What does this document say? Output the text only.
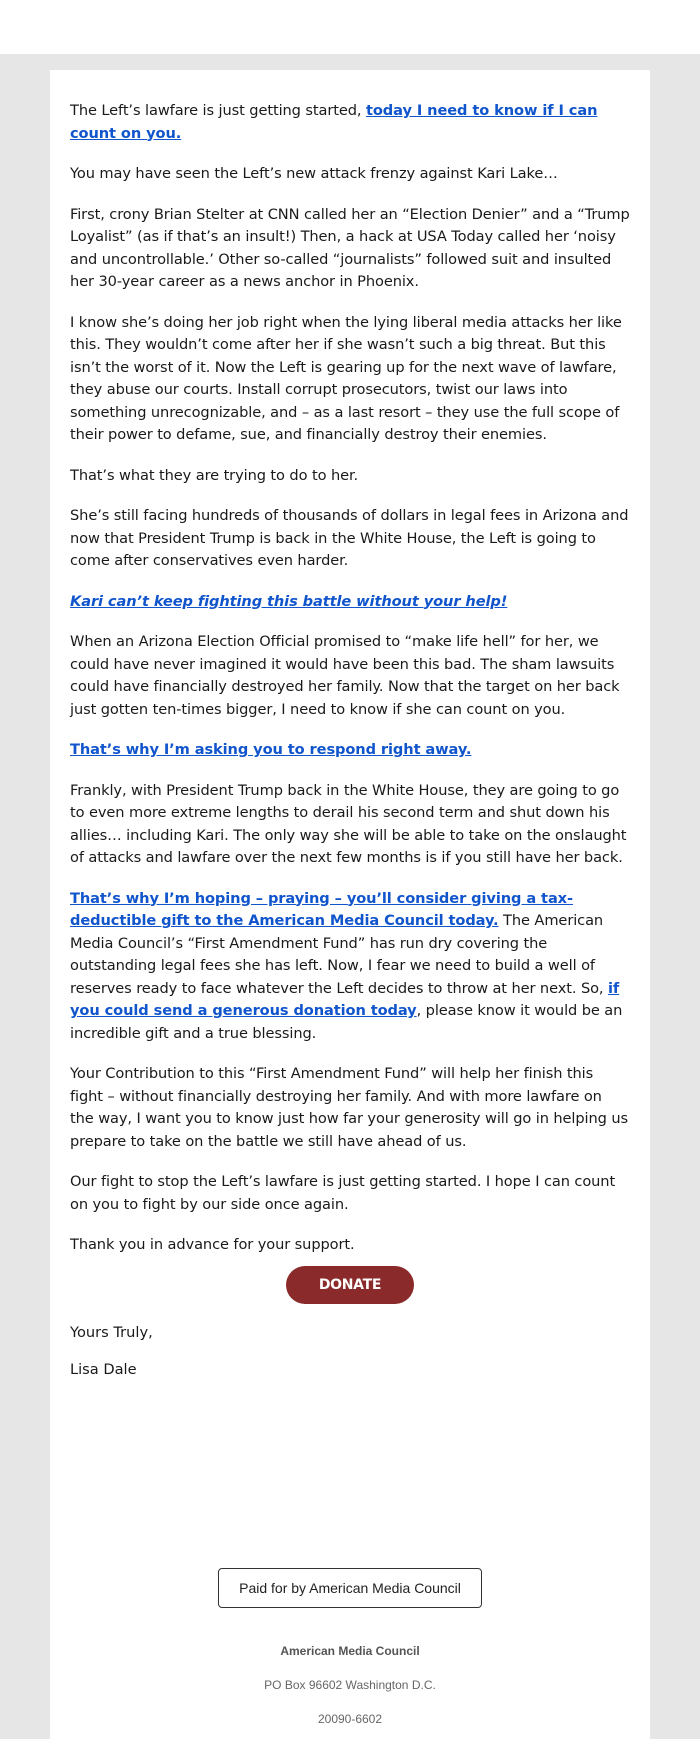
The Left’s lawfare is just getting started, today I need to know if I can count on you.

You may have seen the Left’s new attack frenzy against Kari Lake…

First, crony Brian Stelter at CNN called her an “Election Denier” and a “Trump Loyalist” (as if that’s an insult!) Then, a hack at USA Today called her ‘noisy and uncontrollable.’ Other so-called “journalists” followed suit and insulted her 30-year career as a news anchor in Phoenix.

I know she’s doing her job right when the lying liberal media attacks her like this. They wouldn’t come after her if she wasn’t such a big threat. But this isn’t the worst of it. Now the Left is gearing up for the next wave of lawfare, they abuse our courts. Install corrupt prosecutors, twist our laws into something unrecognizable, and – as a last resort – they use the full scope of their power to defame, sue, and financially destroy their enemies.

That’s what they are trying to do to her.

She’s still facing hundreds of thousands of dollars in legal fees in Arizona and now that President Trump is back in the White House, the Left is going to come after conservatives even harder.

Kari can’t keep fighting this battle without your help!

When an Arizona Election Official promised to “make life hell” for her, we could have never imagined it would have been this bad. The sham lawsuits could have financially destroyed her family. Now that the target on her back just gotten ten-times bigger, I need to know if she can count on you.

That’s why I’m asking you to respond right away.

Frankly, with President Trump back in the White House, they are going to go to even more extreme lengths to derail his second term and shut down his allies… including Kari. The only way she will be able to take on the onslaught of attacks and lawfare over the next few months is if you still have her back.

That’s why I’m hoping – praying – you’ll consider giving a tax-deductible gift to the American Media Council today. The American Media Council’s “First Amendment Fund” has run dry covering the outstanding legal fees she has left. Now, I fear we need to build a well of reserves ready to face whatever the Left decides to throw at her next. So, if you could send a generous donation today, please know it would be an incredible gift and a true blessing.

Your Contribution to this “First Amendment Fund” will help her finish this fight – without financially destroying her family. And with more lawfare on the way, I want you to know just how far your generosity will go in helping us prepare to take on the battle we still have ahead of us.

Our fight to stop the Left’s lawfare is just getting started. I hope I can count on you to fight by our side once again.

Thank you in advance for your support.

DONATE

Yours Truly,

Lisa Dale

Paid for by American Media Council
American Media Council
PO Box 96602 Washington D.C.
20090-6602
